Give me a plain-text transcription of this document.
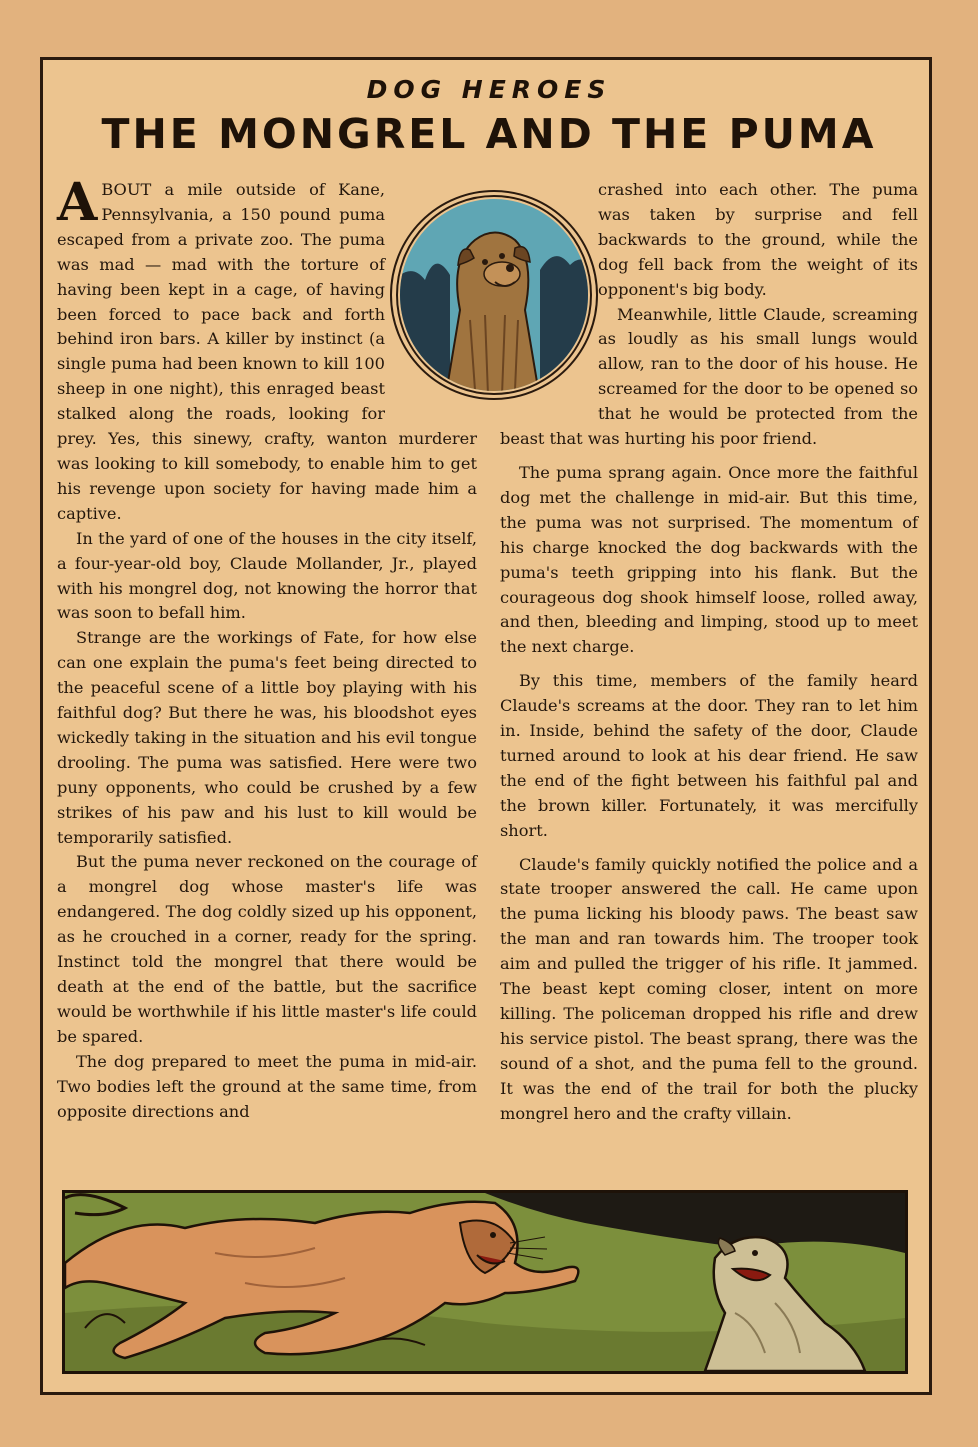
DOG HEROES
THE MONGREL AND THE PUMA

ABOUT a mile outside of Kane, Pennsylvania, a 150 pound puma escaped from a private zoo. The puma was mad — mad with the torture of having been kept in a cage, of having been forced to pace back and forth behind iron bars. A killer by instinct (a single puma had been known to kill 100 sheep in one night), this enraged beast stalked along the roads, looking for prey. Yes, this sinewy, crafty, wanton murderer was looking to kill somebody, to enable him to get his revenge upon society for having made him a captive.

In the yard of one of the houses in the city itself, a four-year-old boy, Claude Mollander, Jr., played with his mongrel dog, not knowing the horror that was soon to befall him.

Strange are the workings of Fate, for how else can one explain the puma's feet being directed to the peaceful scene of a little boy playing with his faithful dog? But there he was, his bloodshot eyes wickedly taking in the situation and his evil tongue drooling. The puma was satisfied. Here were two puny opponents, who could be crushed by a few strikes of his paw and his lust to kill would be temporarily satisfied.

But the puma never reckoned on the courage of a mongrel dog whose master's life was endangered. The dog coldly sized up his opponent, as he crouched in a corner, ready for the spring. Instinct told the mongrel that there would be death at the end of the battle, but the sacrifice would be worthwhile if his little master's life could be spared.

The dog prepared to meet the puma in mid-air. Two bodies left the ground at the same time, from opposite directions and

crashed into each other. The puma was taken by surprise and fell backwards to the ground, while the dog fell back from the weight of its opponent's big body.

Meanwhile, little Claude, screaming as loudly as his small lungs would allow, ran to the door of his house. He screamed for the door to be opened so that he would be protected from the beast that was hurting his poor friend.

The puma sprang again. Once more the faithful dog met the challenge in mid-air. But this time, the puma was not surprised. The momentum of his charge knocked the dog backwards with the puma's teeth gripping into his flank. But the courageous dog shook himself loose, rolled away, and then, bleeding and limping, stood up to meet the next charge.

By this time, members of the family heard Claude's screams at the door. They ran to let him in. Inside, behind the safety of the door, Claude turned around to look at his dear friend. He saw the end of the fight between his faithful pal and the brown killer. Fortunately, it was mercifully short.

Claude's family quickly notified the police and a state trooper answered the call. He came upon the puma licking his bloody paws. The beast saw the man and ran towards him. The trooper took aim and pulled the trigger of his rifle. It jammed. The beast kept coming closer, intent on more killing. The policeman dropped his rifle and drew his service pistol. The beast sprang, there was the sound of a shot, and the puma fell to the ground. It was the end of the trail for both the plucky mongrel hero and the crafty villain.
